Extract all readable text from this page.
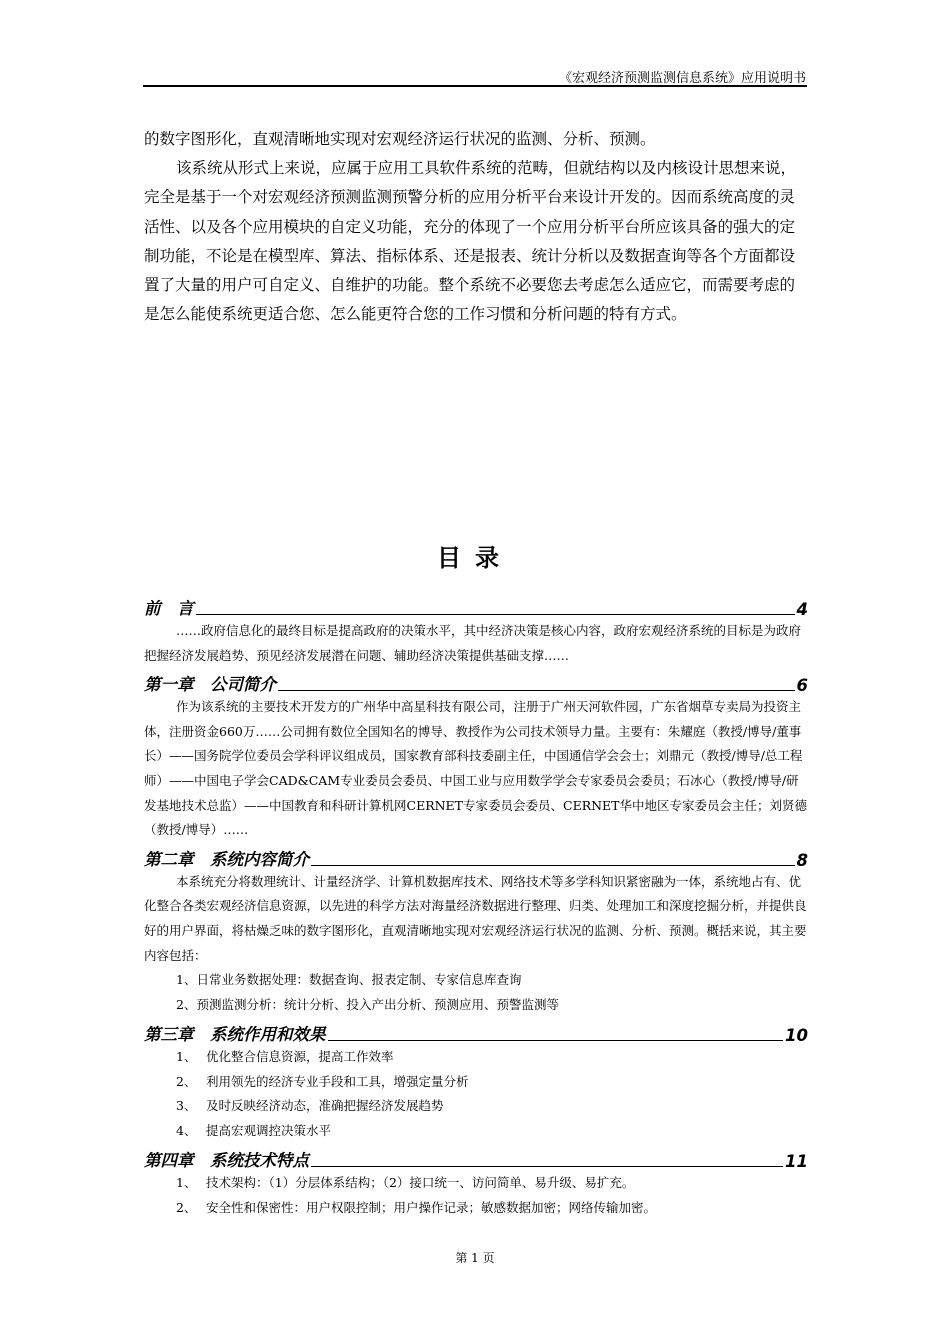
《宏观经济预测监测信息系统》应用说明书

的数字图形化，直观清晰地实现对宏观经济运行状况的监测、分析、预测。

该系统从形式上来说，应属于应用工具软件系统的范畴，但就结构以及内核设计思想来说，完全是基于一个对宏观经济预测监测预警分析的应用分析平台来设计开发的。因而系统高度的灵活性、以及各个应用模块的自定义功能，充分的体现了一个应用分析平台所应该具备的强大的定制功能，不论是在模型库、算法、指标体系、还是报表、统计分析以及数据查询等各个方面都设置了大量的用户可自定义、自维护的功能。整个系统不必要您去考虑怎么适应它，而需要考虑的是怎么能使系统更适合您、怎么能更符合您的工作习惯和分析问题的特有方式。

目录
前　言	4

……政府信息化的最终目标是提高政府的决策水平，其中经济决策是核心内容，政府宏观经济系统的目标是为政府把握经济发展趋势、预见经济发展潜在问题、辅助经济决策提供基础支撑……

第一章　公司简介	6

作为该系统的主要技术开发方的广州华中高星科技有限公司，注册于广州天河软件园，广东省烟草专卖局为投资主体，注册资金660万……公司拥有数位全国知名的博导、教授作为公司技术领导力量。主要有：朱耀庭（教授/博导/董事长）——国务院学位委员会学科评议组成员，国家教育部科技委副主任，中国通信学会会士；刘鼎元（教授/博导/总工程师）——中国电子学会CAD&CAM专业委员会委员、中国工业与应用数学学会专家委员会委员；石冰心（教授/博导/研发基地技术总监）——中国教育和科研计算机网CERNET专家委员会委员、CERNET华中地区专家委员会主任；刘贤德（教授/博导）……

第二章　系统内容简介	8

本系统充分将数理统计、计量经济学、计算机数据库技术、网络技术等多学科知识紧密融为一体，系统地占有、优化整合各类宏观经济信息资源，以先进的科学方法对海量经济数据进行整理、归类、处理加工和深度挖掘分析，并提供良好的用户界面，将枯燥乏味的数字图形化，直观清晰地实现对宏观经济运行状况的监测、分析、预测。概括来说，其主要内容包括：

1、日常业务数据处理：数据查询、报表定制、专家信息库查询

2、预测监测分析：统计分析、投入产出分析、预测应用、预警监测等

第三章　系统作用和效果	10

1、 优化整合信息资源，提高工作效率

2、 利用领先的经济专业手段和工具，增强定量分析

3、 及时反映经济动态，准确把握经济发展趋势

4、 提高宏观调控决策水平

第四章　系统技术特点	11

1、 技术架构：（1）分层体系结构；（2）接口统一、访问简单、易升级、易扩充。

2、 安全性和保密性：用户权限控制；用户操作记录；敏感数据加密；网络传输加密。

第 1 页
